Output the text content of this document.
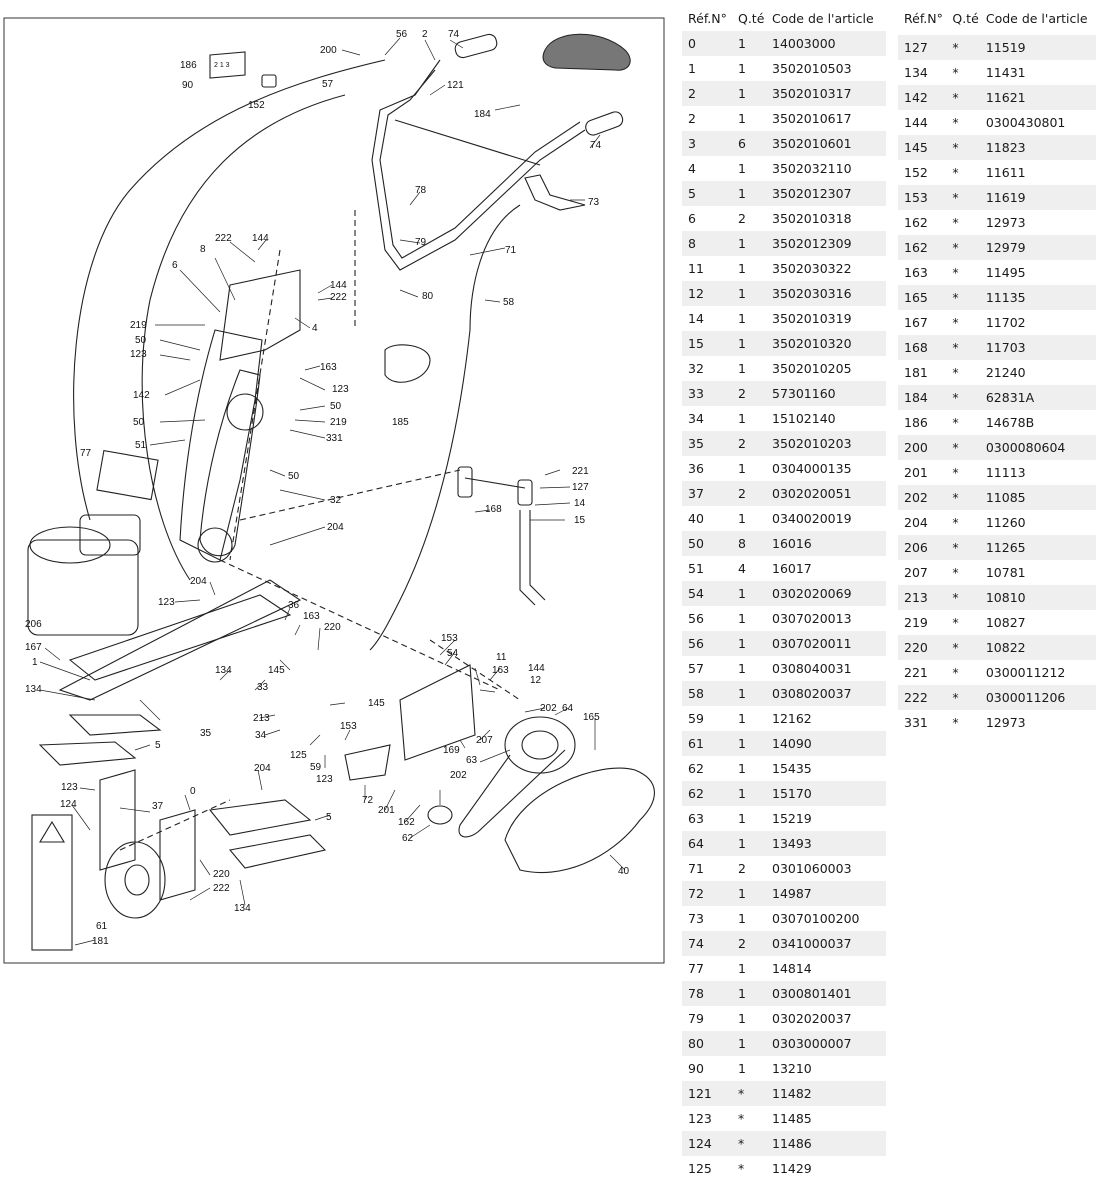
200
56 2 74
186
90	57	121
152
184
74
78
73
222 144	79
8	71
6
144
80
222	58
219	4
50
123
163
123
142
50
185
50	219
331
51
77
221
50
127
32	14
168
15
204
204
123	36
163
206	220
153
167
54	11
1
134	145	163 144
12
33
134
145	202 64
213	165
153
34
35
207
5	169
125	63
59
204
202
123
123	0
72
124	37	201
5	162
62
40
220
222
134
61
181
2 1 3
Réf.N°	Q.té	Code de l'article
0	1	14003000
1	1	3502010503
2	1	3502010317
2	1	3502010617
3	6	3502010601
4	1	3502032110
5	1	3502012307
6	2	3502010318
8	1	3502012309
11	1	3502030322
12	1	3502030316
14	1	3502010319
15	1	3502010320
32	1	3502010205
33	2	57301160
34	1	15102140
35	2	3502010203
36	1	0304000135
37	2	0302020051
40	1	0340020019
50	8	16016
51	4	16017
54	1	0302020069
56	1	0307020013
56	1	0307020011
57	1	0308040031
58	1	0308020037
59	1	12162
61	1	14090
62	1	15435
62	1	15170
63	1	15219
64	1	13493
71	2	0301060003
72	1	14987
73	1	03070100200
74	2	0341000037
77	1	14814
78	1	0300801401
79	1	0302020037
80	1	0303000007
90	1	13210
121	*	11482
123	*	11485
124	*	11486
125	*	11429
Réf.N°	Q.té	Code de l'article

127	*	11519
134	*	11431
142	*	11621
144	*	0300430801
145	*	11823
152	*	11611
153	*	11619
162	*	12973
162	*	12979
163	*	11495
165	*	11135
167	*	11702
168	*	11703
181	*	21240
184	*	62831A
186	*	14678B
200	*	0300080604
201	*	11113
202	*	11085
204	*	11260
206	*	11265
207	*	10781
213	*	10810
219	*	10827
220	*	10822
221	*	0300011212
222	*	0300011206
331	*	12973
